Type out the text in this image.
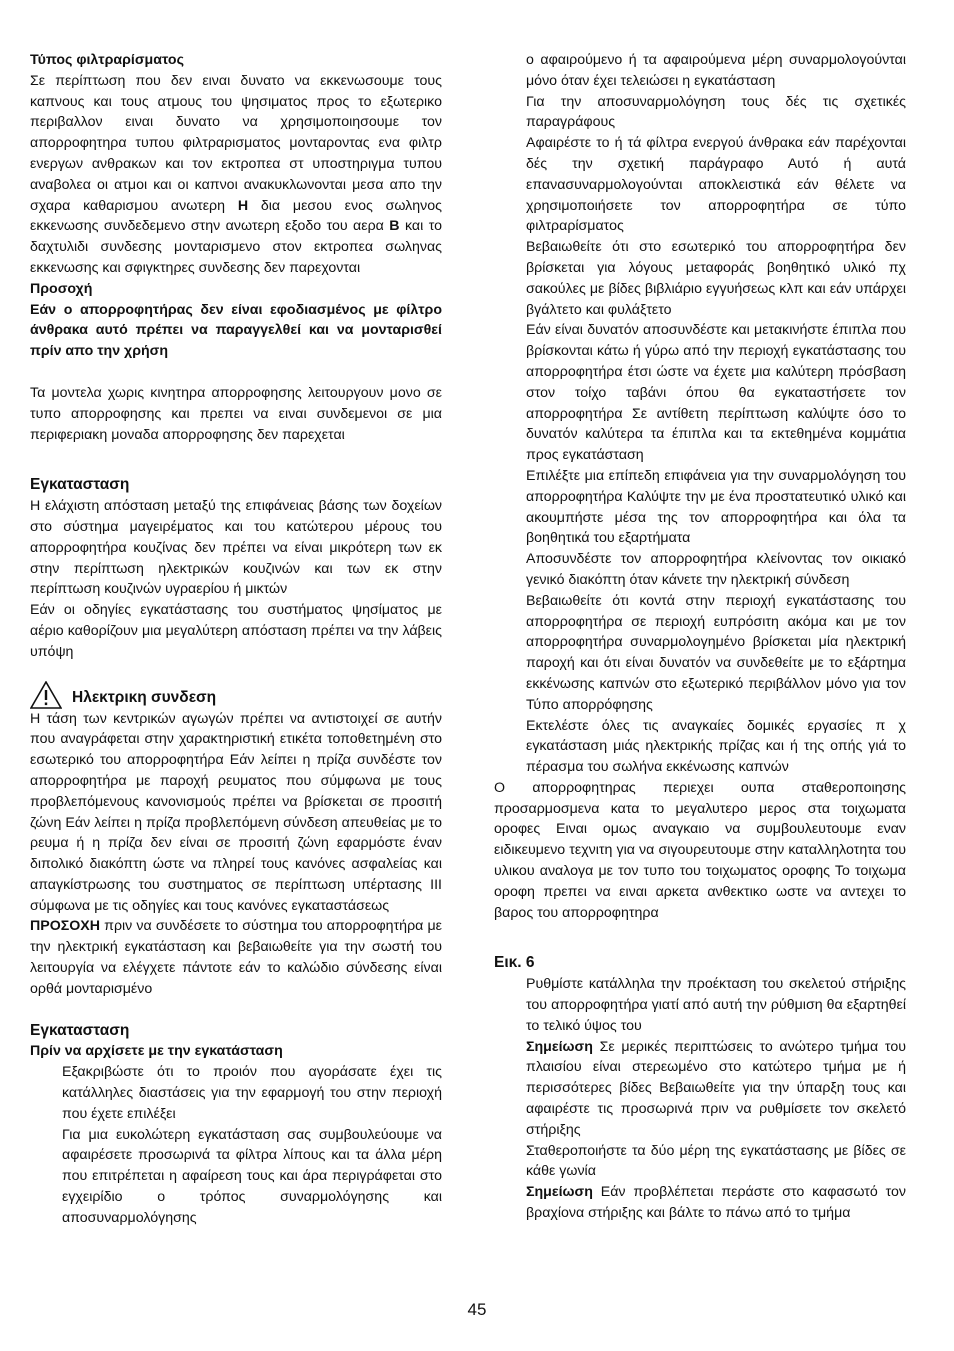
Τύπος φιλτραρίσματος

Σε περίπτωση που δεν ειναι δυνατο να εκκενωσουμε τους καπνους και τους ατμους του ψησιματος προς το εξωτερικο περιβαλλον ειναι δυνατο να χρησιμοποιησουμε τον απορροφητηρα τυπου φιλτραρισματος μονταροντας ενα φιλτρ ενεργων ανθρακων και τον εκτροπεα στ υποστηριγμα τυπου αναβολεα οι ατμοι και οι καπνοι ανακυκλωνονται μεσα απο την σχαρα καθαρισμου ανωτερη Η δια μεσου ενος σωληνος εκκενωσης συνδεδεμενο στην ανωτερη εξοδο του αερα Β και το δαχτυλιδι συνδεσης μονταρισμενο στον εκτροπεα σωληνας εκκενωσης και σφιγκτηρες συνδεσης δεν παρεχονται

Προσοχή

Εάν ο απορροφητήρας δεν είναι εφοδιασμένος με φίλτρο άνθρακα αυτό πρέπει να παραγγελθεί και να μονταρισθεί πρίν απο την χρήση

Τα μοντελα χωρις κινητηρα απορροφησης λειτουργουν μονο σε τυπο απορροφησης και πρεπει να ειναι συνδεμενοι σε μια περιφεριακη μοναδα απορροφησης δεν παρεχεται

Εγκατασταση

Η ελάχιστη απόσταση μεταξύ της επιφάνειας βάσης των δοχείων στο σύστημα μαγειρέματος και του κατώτερου μέρους του απορροφητήρα κουζίνας δεν πρέπει να είναι μικρότερη των εκ στην περίπτωση ηλεκτρικών κουζινών και των εκ στην περίπτωση κουζινών υγραερίου ή μικτών

Εάν οι οδηγίες εγκατάστασης του συστήματος ψησίματος με αέριο καθορίζουν μια μεγαλύτερη απόσταση πρέπει να την λάβεις υπόψη

Ηλεκτρικη συνδεση

Η τάση των κεντρικών αγωγών πρέπει να αντιστοιχεί σε αυτήν που αναγράφεται στην χαρακτηριστική ετικέτα τοποθετημένη στο εσωτερικό του απορροφητήρα Εάν λείπει η πρίζα συνδέστε τον απορροφητήρα με παροχή ρευματος που σύμφωνα με τους προβλεπόμενους κανονισμούς πρέπει να βρίσκεται σε προσιτή ζώνη Εάν λείπει η πρίζα προβλεπόμενη σύνδεση απευθείας με το ρευμα ή η πρίζα δεν είναι σε προσιτή ζώνη εφαρμόστε έναν διπολικό διακόπτη ώστε να πληρεί τους κανόνες ασφαλείας και απαγκίστρωσης του συστηματος σε περίπτωση υπέρτασης ΙΙΙ σύμφωνα με τις οδηγίες και τους κανόνες εγκαταστάσεως

ΠΡΟΣΟΧΗ πριν να συνδέσετε το σύστημα του απορροφητήρα με την ηλεκτρική εγκατάσταση και βεβαιωθείτε για την σωστή του λειτουργία να ελέγχετε πάντοτε εάν το καλώδιο σύνδεσης είναι ορθά μονταρισμένο

Εγκατασταση

Πρίν να αρχίσετε με την εγκατάσταση

Εξακριβώστε ότι το προιόν που αγοράσατε έχει τις κατάλληλες διαστάσεις για την εφαρμογή του στην περιοχή που έχετε επιλέξει

Για μια ευκολώτερη εγκατάσταση σας συμβουλεύουμε να αφαιρέσετε προσωρινά τα φίλτρα λίπους και τα άλλα μέρη που επιτρέπεται η αφαίρεση τους και άρα περιγράφεται στο εγχειρίδιο ο τρόπος συναρμολόγησης και αποσυναρμολόγησης

ο αφαιρούμενο ή τα αφαιρούμενα μέρη συναρμολογούνται μόνο όταν έχει τελειώσει η εγκατάσταση

Για την αποσυναρμολόγηση τους δές τις σχετικές παραγράφους

Αφαιρέστε το ή τά φίλτρα ενεργού άνθρακα εάν παρέχονται δές την σχετική παράγραφο Αυτό ή αυτά επανασυναρμολογούνται αποκλειστικά εάν θέλετε να χρησιμοποιήσετε τον απορροφητήρα σε τύπο φιλτραρίσματος

Βεβαιωθείτε ότι στο εσωτερικό του απορροφητήρα δεν βρίσκεται για λόγους μεταφοράς βοηθητικό υλικό πχ σακούλες με βίδες βιβλιάριο εγγυήσεως κλπ και εάν υπάρχει βγάλτετο και φυλάξτετο

Εάν είναι δυνατόν αποσυνδέστε και μετακινήστε έπιπλα που βρίσκονται κάτω ή γύρω από την περιοχή εγκατάστασης του απορροφητήρα έτσι ώστε να έχετε μια καλύτερη πρόσβαση στον τοίχο ταβάνι όπου θα εγκαταστήσετε τον απορροφητήρα Σε αντίθετη περίπτωση καλύψτε όσο το δυνατόν καλύτερα τα έπιπλα και τα εκτεθημένα κομμάτια προς εγκατάσταση

Επιλέξτε μια επίπεδη επιφάνεια για την συναρμολόγηση του απορροφητήρα Καλύψτε την με ένα προστατευτικό υλικό και ακουμπήστε μέσα της τον απορροφητήρα και όλα τα βοηθητικά του εξαρτήματα

Αποσυνδέστε τον απορροφητήρα κλείνοντας τον οικιακό γενικό διακόπτη όταν κάνετε την ηλεκτρική σύνδεση

Βεβαιωθείτε ότι κοντά στην περιοχή εγκατάστασης του απορροφητήρα σε περιοχή ευπρόσιτη ακόμα και με τον απορροφητήρα συναρμολογημένο βρίσκεται μία ηλεκτρική παροχή και ότι είναι δυνατόν να συνδεθείτε με το εξάρτημα εκκένωσης καπνών στο εξωτερικό περιβάλλον μόνο για τον Τύπο απορρόφησης

Εκτελέστε όλες τις αναγκαίες δομικές εργασίες π χ εγκατάσταση μιάς ηλεκτρικής πρίζας και ή της οπής γιά το πέρασμα του σωλήνα εκκένωσης καπνών

Ο απορροφητηρας περιεχει ουπα σταθεροποιησης προσαρμοσμενα κατα το μεγαλυτερο μερος στα τοιχωματα οροφες Ειναι ομως αναγκαιο να συμβουλευτουμε εναν ειδικευμενο τεχνιτη για να σιγουρευτουμε στην καταλληλοτητα του υλικου αναλογα με τον τυπο του τοιχωματος οροφης Το τοιχωμα οροφη πρεπει να ειναι αρκετα ανθεκτικο ωστε να αντεχει το βαρος του απορροφητηρα

Εικ. 6

Ρυθμίστε κατάλληλα την προέκταση του σκελετού στήριξης του απορροφητήρα γιατί από αυτή την ρύθμιση θα εξαρτηθεί το τελικό ύψος του

Σημείωση Σε μερικές περιπτώσεις το ανώτερο τμήμα του πλαισίου είναι στερεωμένο στο κατώτερο τμήμα με ή περισσότερες βίδες Βεβαιωθείτε για την ύπαρξη τους και αφαιρέστε τις προσωρινά πριν να ρυθμίσετε τον σκελετό στήριξης

Σταθεροποιήστε τα δύο μέρη της εγκατάστασης με βίδες σε κάθε γωνία

Σημείωση Εάν προβλέπεται περάστε στο καφασωτό τον βραχίονα στήριξης και βάλτε το πάνω από το τμήμα

45
